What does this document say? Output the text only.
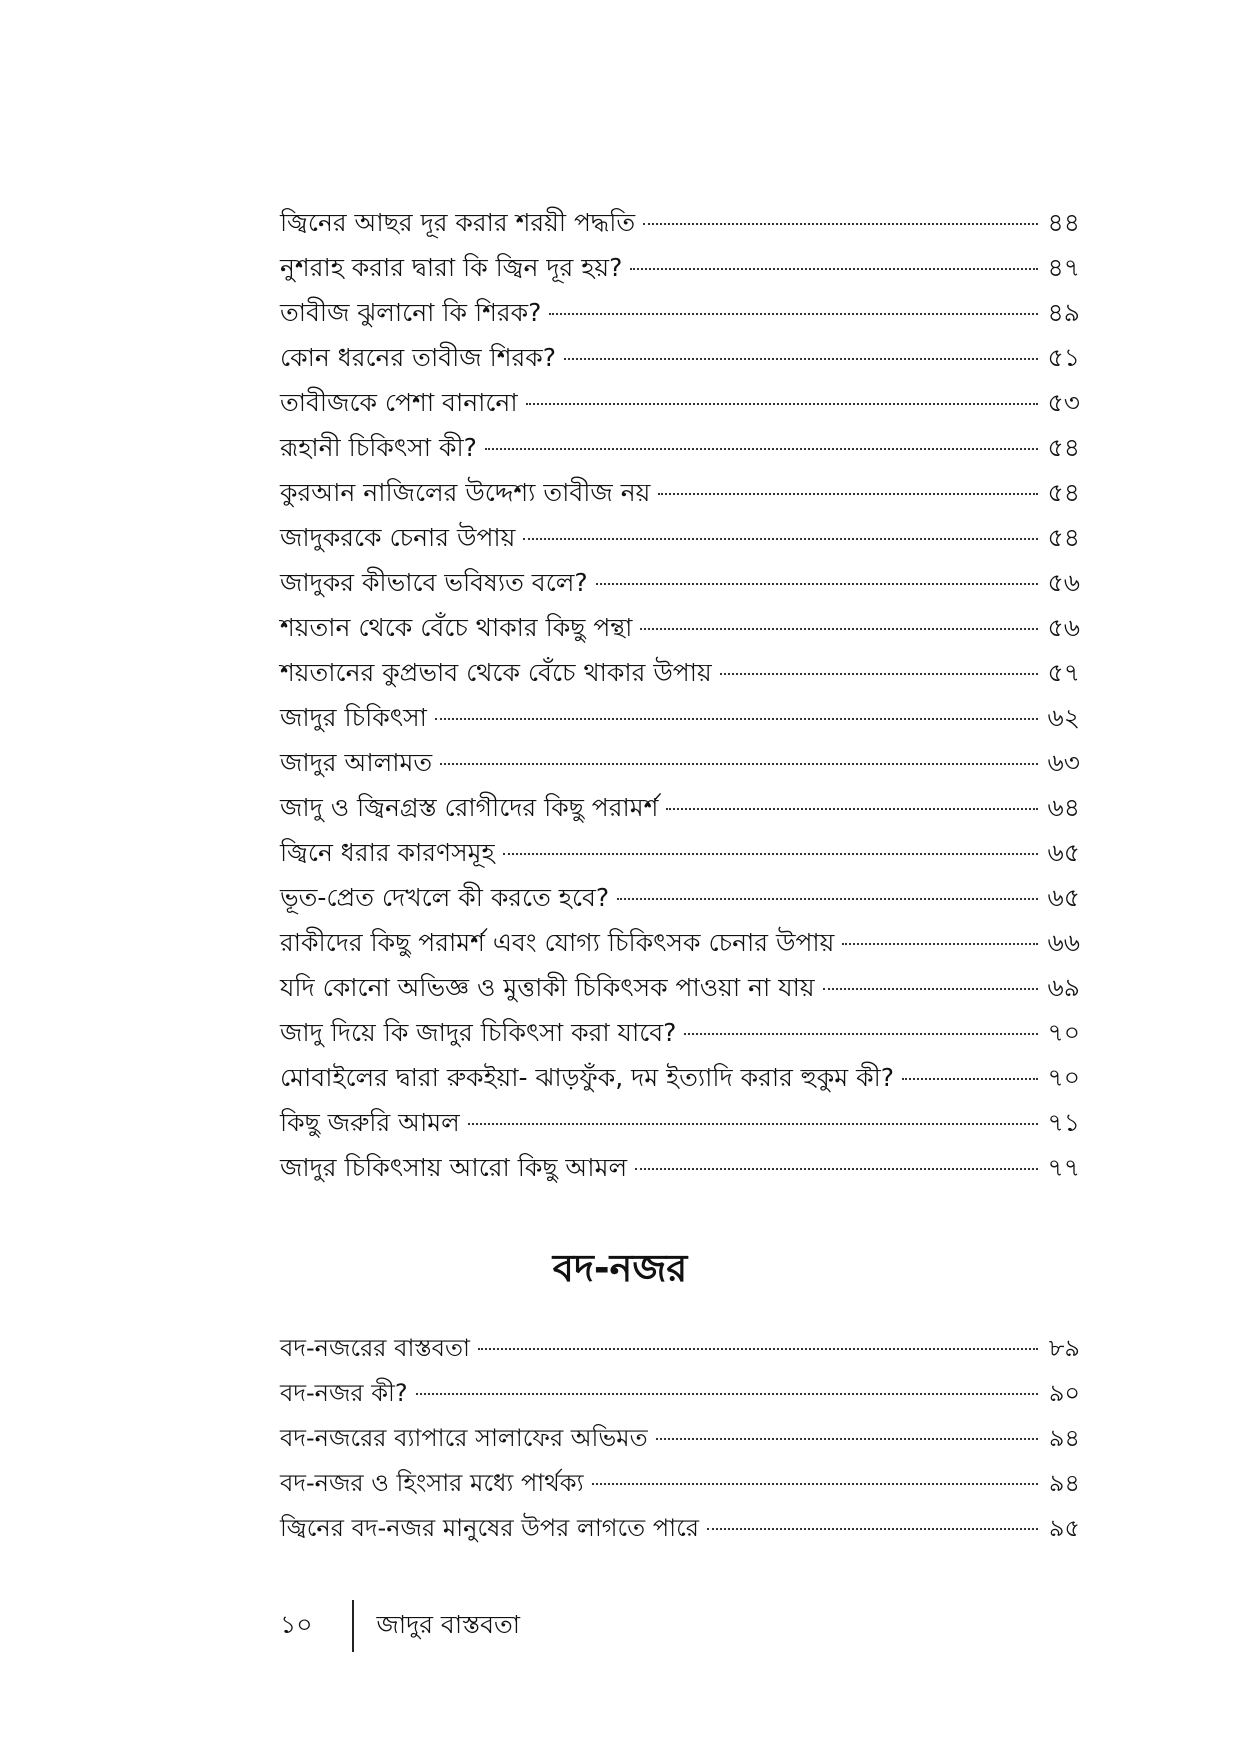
জ্বিনের আছর দূর করার শরয়ী পদ্ধতি	৪৪
নুশরাহ করার দ্বারা কি জ্বিন দূর হয়?	৪৭
তাবীজ ঝুলানো কি শিরক?	৪৯
কোন ধরনের তাবীজ শিরক?	৫১
তাবীজকে পেশা বানানো	৫৩
রূহানী চিকিৎসা কী?	৫৪
কুরআন নাজিলের উদ্দেশ্য তাবীজ নয়	৫৪
জাদুকরকে চেনার উপায়	৫৪
জাদুকর কীভাবে ভবিষ্যত বলে?	৫৬
শয়তান থেকে বেঁচে থাকার কিছু পন্থা	৫৬
শয়তানের কুপ্রভাব থেকে বেঁচে থাকার উপায়	৫৭
জাদুর চিকিৎসা	৬২
জাদুর আলামত	৬৩
জাদু ও জ্বিনগ্রস্ত রোগীদের কিছু পরামর্শ	৬৪
জ্বিনে ধরার কারণসমূহ	৬৫
ভূত-প্রেত দেখলে কী করতে হবে?	৬৫
রাকীদের কিছু পরামর্শ এবং যোগ্য চিকিৎসক চেনার উপায়	৬৬
যদি কোনো অভিজ্ঞ ও মুত্তাকী চিকিৎসক পাওয়া না যায়	৬৯
জাদু দিয়ে কি জাদুর চিকিৎসা করা যাবে?	৭০
মোবাইলের দ্বারা রুকইয়া- ঝাড়ফুঁক, দম ইত্যাদি করার হুকুম কী?	৭০
কিছু জরুরি আমল	৭১
জাদুর চিকিৎসায় আরো কিছু আমল	৭৭
বদ-নজর
বদ-নজরের বাস্তবতা	৮৯
বদ-নজর কী?	৯০
বদ-নজরের ব্যাপারে সালাফের অভিমত	৯৪
বদ-নজর ও হিংসার মধ্যে পার্থক্য	৯৪
জ্বিনের বদ-নজর মানুষের উপর লাগতে পারে	৯৫
১০	জাদুর বাস্তবতা
